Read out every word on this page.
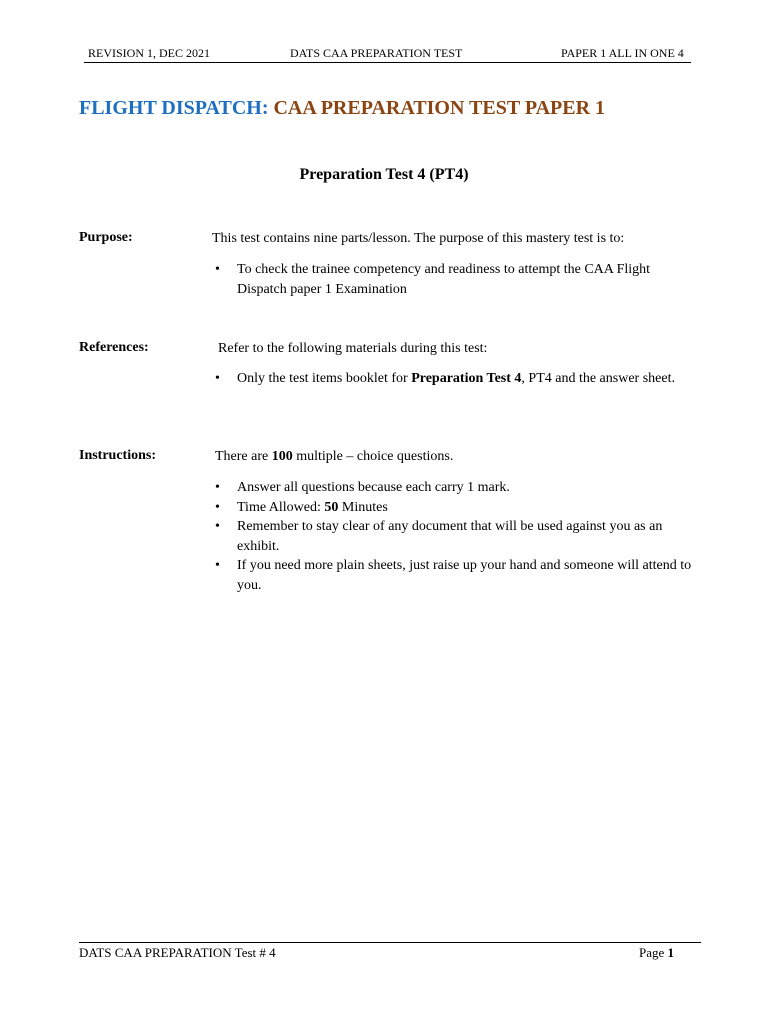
REVISION 1, DEC 2021	DATS CAA PREPARATION TEST	PAPER 1 ALL IN ONE 4
FLIGHT DISPATCH: CAA PREPARATION TEST PAPER 1
Preparation Test 4 (PT4)
Purpose:	This test contains nine parts/lesson. The purpose of this mastery test is to:
• To check the trainee competency and readiness to attempt the CAA Flight Dispatch paper 1 Examination
References:	Refer to the following materials during this test:
• Only the test items booklet for Preparation Test 4, PT4 and the answer sheet.
Instructions:	There are 100 multiple – choice questions.
• Answer all questions because each carry 1 mark.
• Time Allowed: 50 Minutes
• Remember to stay clear of any document that will be used against you as an exhibit.
• If you need more plain sheets, just raise up your hand and someone will attend to you.
DATS CAA PREPARATION Test # 4	Page 1
